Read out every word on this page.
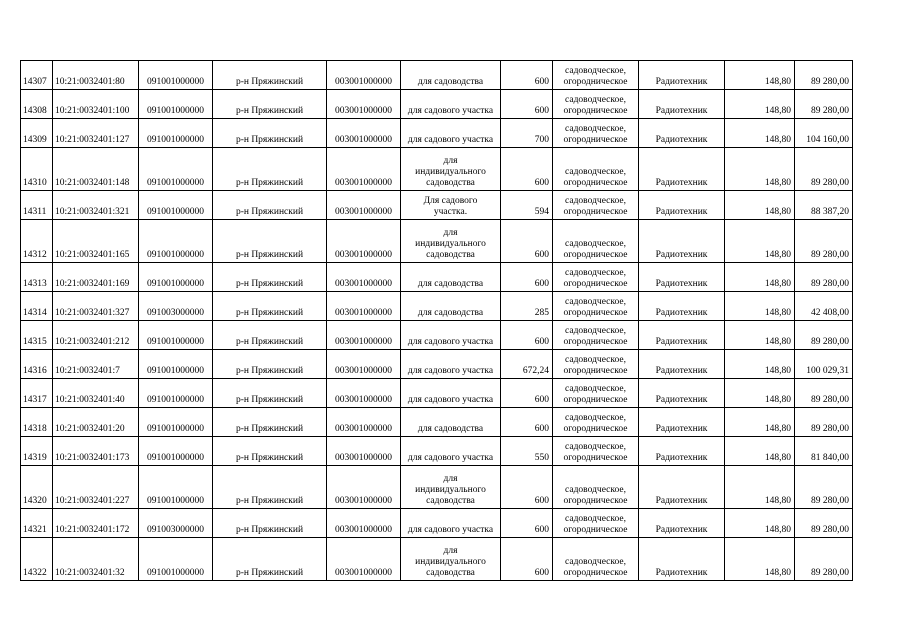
14307	10:21:0032401:80	091001000000	р-н Пряжинский	003001000000	для садоводства	600	садоводческое,
огородническое	Радиотехник	148,80	89 280,00
14308	10:21:0032401:100	091001000000	р-н Пряжинский	003001000000	для садового участка	600	садоводческое,
огородническое	Радиотехник	148,80	89 280,00
14309	10:21:0032401:127	091001000000	р-н Пряжинский	003001000000	для садового участка	700	садоводческое,
огородническое	Радиотехник	148,80	104 160,00
14310	10:21:0032401:148	091001000000	р-н Пряжинский	003001000000	для
индивидуального
садоводства	600	садоводческое,
огородническое	Радиотехник	148,80	89 280,00
14311	10:21:0032401:321	091001000000	р-н Пряжинский	003001000000	Для садового
участка.	594	садоводческое,
огородническое	Радиотехник	148,80	88 387,20
14312	10:21:0032401:165	091001000000	р-н Пряжинский	003001000000	для
индивидуального
садоводства	600	садоводческое,
огородническое	Радиотехник	148,80	89 280,00
14313	10:21:0032401:169	091001000000	р-н Пряжинский	003001000000	для садоводства	600	садоводческое,
огородническое	Радиотехник	148,80	89 280,00
14314	10:21:0032401:327	091003000000	р-н Пряжинский	003001000000	для садоводства	285	садоводческое,
огородническое	Радиотехник	148,80	42 408,00
14315	10:21:0032401:212	091001000000	р-н Пряжинский	003001000000	для садового участка	600	садоводческое,
огородническое	Радиотехник	148,80	89 280,00
14316	10:21:0032401:7	091001000000	р-н Пряжинский	003001000000	для садового участка	672,24	садоводческое,
огородническое	Радиотехник	148,80	100 029,31
14317	10:21:0032401:40	091001000000	р-н Пряжинский	003001000000	для садового участка	600	садоводческое,
огородническое	Радиотехник	148,80	89 280,00
14318	10:21:0032401:20	091001000000	р-н Пряжинский	003001000000	для садоводства	600	садоводческое,
огородническое	Радиотехник	148,80	89 280,00
14319	10:21:0032401:173	091001000000	р-н Пряжинский	003001000000	для садового участка	550	садоводческое,
огородническое	Радиотехник	148,80	81 840,00
14320	10:21:0032401:227	091001000000	р-н Пряжинский	003001000000	для
индивидуального
садоводства	600	садоводческое,
огородническое	Радиотехник	148,80	89 280,00
14321	10:21:0032401:172	091003000000	р-н Пряжинский	003001000000	для садового участка	600	садоводческое,
огородническое	Радиотехник	148,80	89 280,00
14322	10:21:0032401:32	091001000000	р-н Пряжинский	003001000000	для
индивидуального
садоводства	600	садоводческое,
огородническое	Радиотехник	148,80	89 280,00
